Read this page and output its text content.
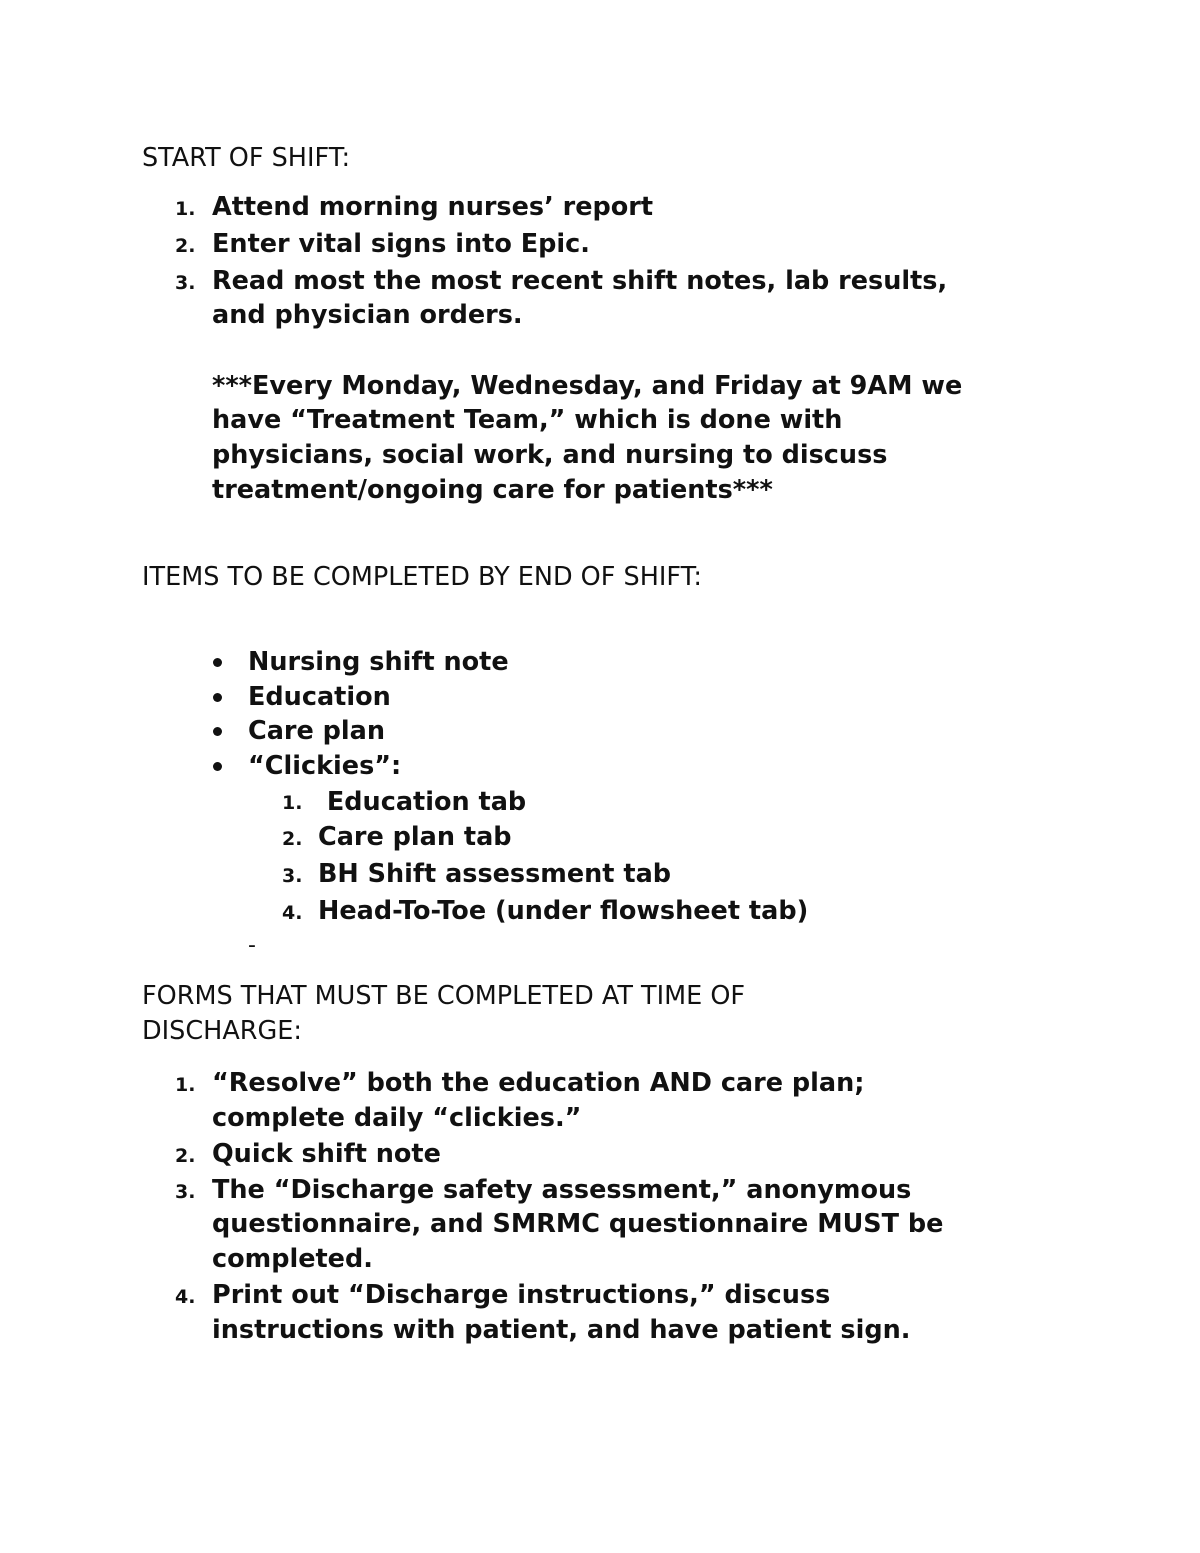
START OF SHIFT:
1. Attend morning nurses’ report
2. Enter vital signs into Epic.
3. Read most the most recent shift notes, lab results,
and physician orders.
***Every Monday, Wednesday, and Friday at 9AM we
have “Treatment Team,” which is done with
physicians, social work, and nursing to discuss
treatment/ongoing care for patients***
ITEMS TO BE COMPLETED BY END OF SHIFT:
Nursing shift note
Education
Care plan
“Clickies”:
1. Education tab
2. Care plan tab
3. BH Shift assessment tab
4. Head-To-Toe (under flowsheet tab)
-
FORMS THAT MUST BE COMPLETED AT TIME OF
DISCHARGE:
1. “Resolve” both the education AND care plan;
complete daily “clickies.”
2. Quick shift note
3. The “Discharge safety assessment,” anonymous
questionnaire, and SMRMC questionnaire MUST be
completed.
4. Print out “Discharge instructions,” discuss
instructions with patient, and have patient sign.
